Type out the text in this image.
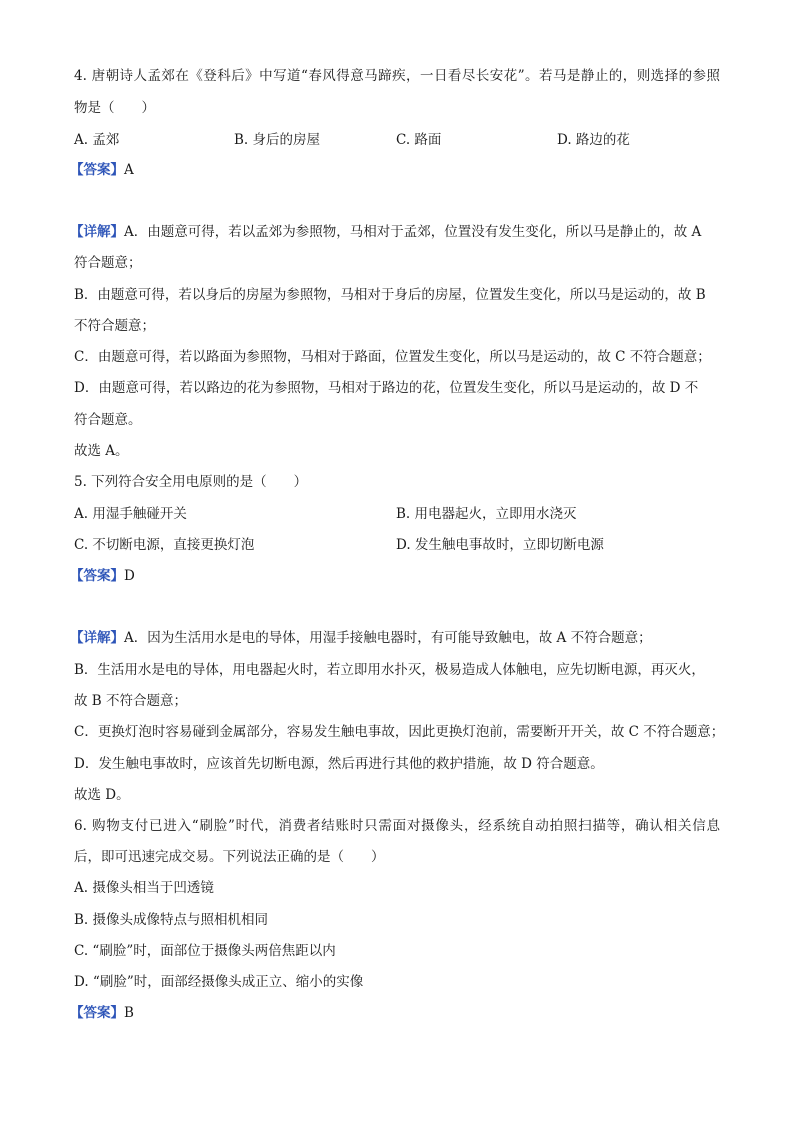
4. 唐朝诗人孟郊在《登科后》中写道“春风得意马蹄疾，一日看尽长安花”。若马是静止的，则选择的参照
物是（　　）
A. 孟郊	B. 身后的房屋	C. 路面	D. 路边的花
【答案】A
【详解】A．由题意可得，若以孟郊为参照物，马相对于孟郊，位置没有发生变化，所以马是静止的，故 A
符合题意；
B．由题意可得，若以身后的房屋为参照物，马相对于身后的房屋，位置发生变化，所以马是运动的，故 B
不符合题意；
C．由题意可得，若以路面为参照物，马相对于路面，位置发生变化，所以马是运动的，故 C 不符合题意；
D．由题意可得，若以路边的花为参照物，马相对于路边的花，位置发生变化，所以马是运动的，故 D 不
符合题意。
故选 A。
5. 下列符合安全用电原则的是（　　）
A. 用湿手触碰开关	B. 用电器起火，立即用水浇灭
C. 不切断电源，直接更换灯泡	D. 发生触电事故时，立即切断电源
【答案】D
【详解】A．因为生活用水是电的导体，用湿手接触电器时，有可能导致触电，故 A 不符合题意；
B．生活用水是电的导体，用电器起火时，若立即用水扑灭，极易造成人体触电，应先切断电源，再灭火，
故 B 不符合题意；
C．更换灯泡时容易碰到金属部分，容易发生触电事故，因此更换灯泡前，需要断开开关，故 C 不符合题意；
D．发生触电事故时，应该首先切断电源，然后再进行其他的救护措施，故 D 符合题意。
故选 D。
6. 购物支付已进入“刷脸”时代，消费者结账时只需面对摄像头，经系统自动拍照扫描等，确认相关信息
后，即可迅速完成交易。下列说法正确的是（　　）
A. 摄像头相当于凹透镜
B. 摄像头成像特点与照相机相同
C. “刷脸”时，面部位于摄像头两倍焦距以内
D. “刷脸”时，面部经摄像头成正立、缩小的实像
【答案】B
